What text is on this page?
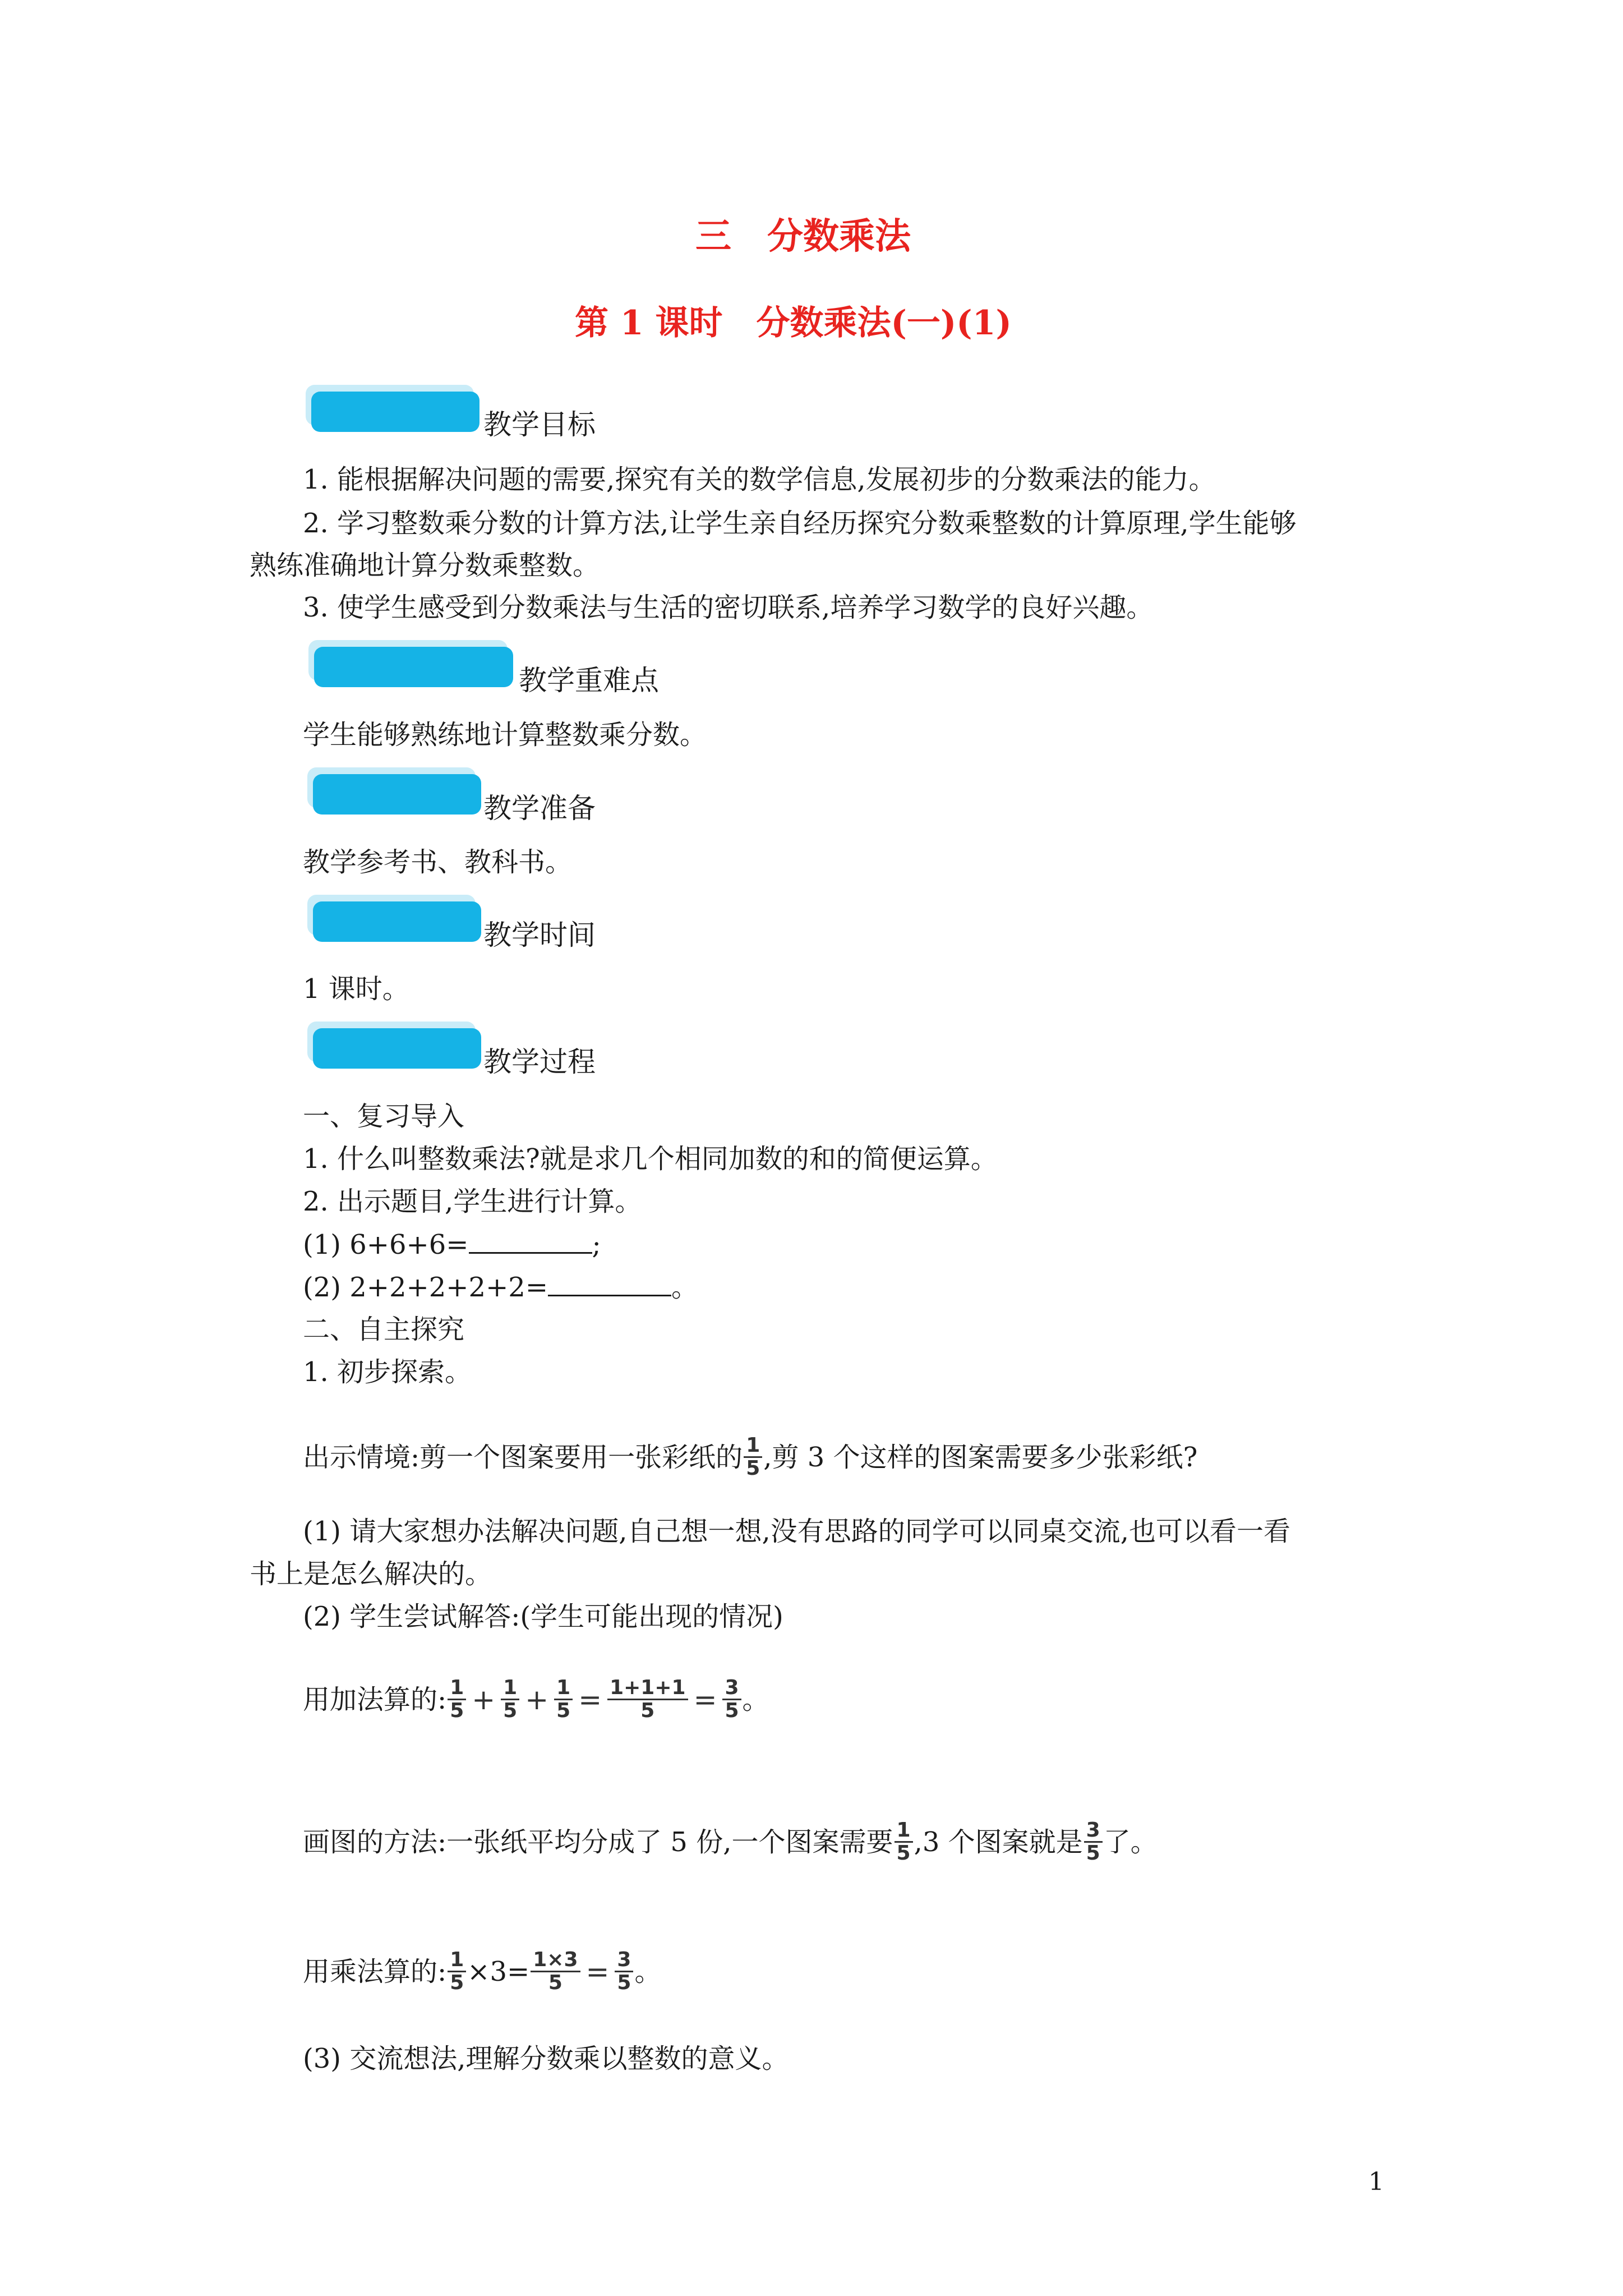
三　分数乘法
第 1 课时　分数乘法(一)(1)
教学目标
1. 能根据解决问题的需要,探究有关的数学信息,发展初步的分数乘法的能力。
2. 学习整数乘分数的计算方法,让学生亲自经历探究分数乘整数的计算原理,学生能够
熟练准确地计算分数乘整数。
3. 使学生感受到分数乘法与生活的密切联系,培养学习数学的良好兴趣。
教学重难点
学生能够熟练地计算整数乘分数。
教学准备
教学参考书、教科书。
教学时间
1 课时。
教学过程
一、复习导入
1. 什么叫整数乘法?就是求几个相同加数的和的简便运算。
2. 出示题目,学生进行计算。
(1) 6+6+6=	;
(2) 2+2+2+2+2=	。
二、自主探究
1. 初步探索。
出示情境:剪一个图案要用一张彩纸的 $\frac{1}{5}$ ,剪 3 个这样的图案需要多少张彩纸?
(1) 请大家想办法解决问题,自己想一想,没有思路的同学可以同桌交流,也可以看一看
书上是怎么解决的。
(2) 学生尝试解答:(学生可能出现的情况)
用加法算的: $\frac{1}{5} + \frac{1}{5} + \frac{1}{5} = \frac{1+1+1}{5} = \frac{3}{5}$ 。
画图的方法:一张纸平均分成了 5 份,一个图案需要 $\frac{1}{5} ,3$ 个图案就是 $\frac{3}{5}$ 了。
用乘法算的: $\frac{1}{5} \times 3= \frac{1\times 3}{5} = \frac{3}{5}$ 。
(3) 交流想法,理解分数乘以整数的意义。
1
